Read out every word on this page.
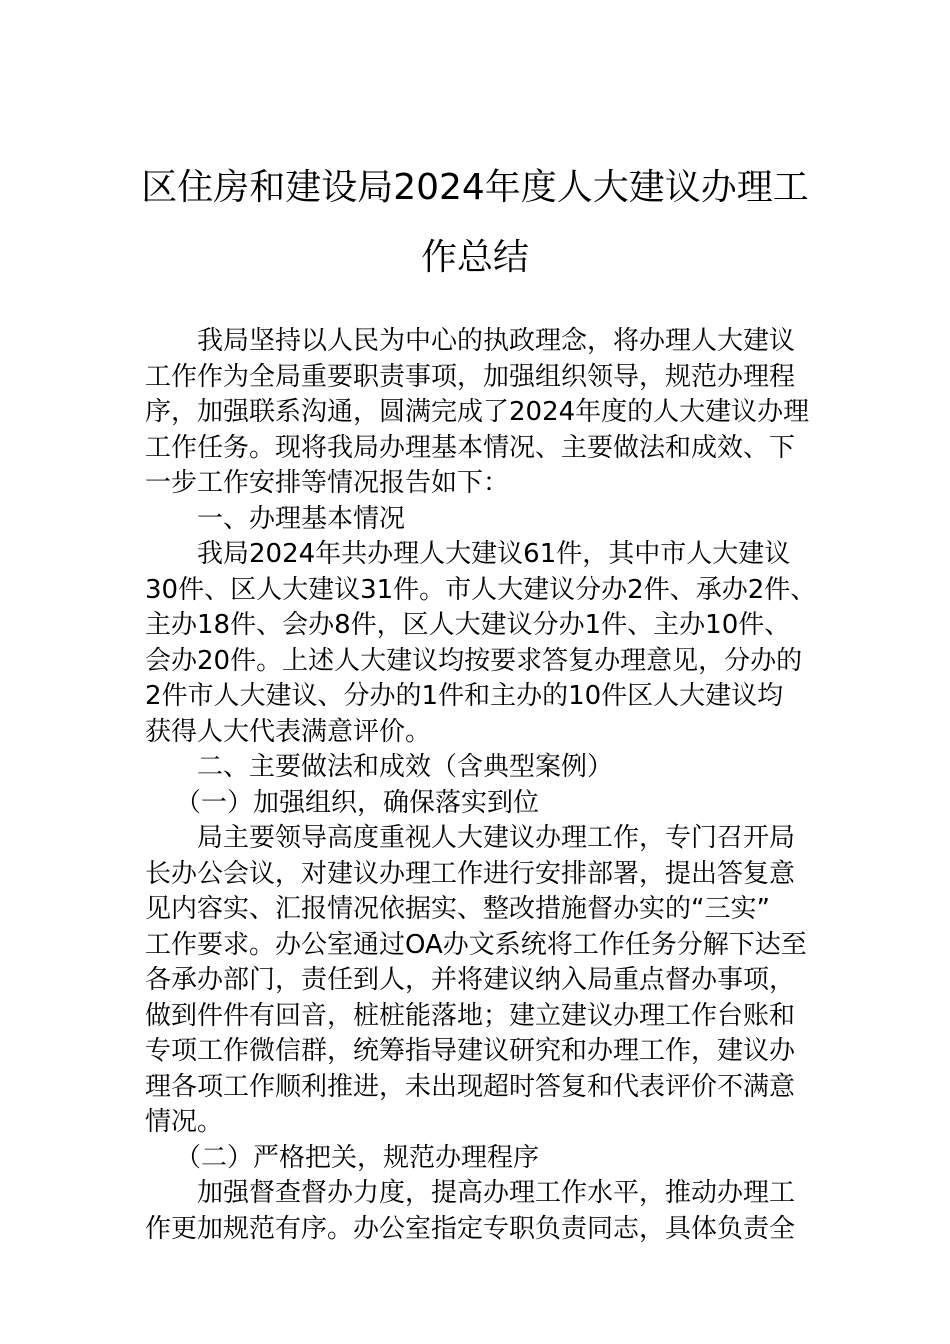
区住房和建设局2024年度人大建议办理工
作总结
我局坚持以人民为中心的执政理念，将办理人大建议
工作作为全局重要职责事项，加强组织领导，规范办理程
序，加强联系沟通，圆满完成了2024年度的人大建议办理
工作任务。现将我局办理基本情况、主要做法和成效、下
一步工作安排等情况报告如下：
一、办理基本情况
我局2024年共办理人大建议61件，其中市人大建议
30件、区人大建议31件。市人大建议分办2件、承办2件、
主办18件、会办8件，区人大建议分办1件、主办10件、
会办20件。上述人大建议均按要求答复办理意见，分办的
2件市人大建议、分办的1件和主办的10件区人大建议均
获得人大代表满意评价。
二、主要做法和成效（含典型案例）
（一）加强组织，确保落实到位
局主要领导高度重视人大建议办理工作，专门召开局
长办公会议，对建议办理工作进行安排部署，提出答复意
见内容实、汇报情况依据实、整改措施督办实的“三实”
工作要求。办公室通过OA办文系统将工作任务分解下达至
各承办部门，责任到人，并将建议纳入局重点督办事项，
做到件件有回音，桩桩能落地；建立建议办理工作台账和
专项工作微信群，统筹指导建议研究和办理工作，建议办
理各项工作顺利推进，未出现超时答复和代表评价不满意
情况。
（二）严格把关，规范办理程序
加强督查督办力度，提高办理工作水平，推动办理工
作更加规范有序。办公室指定专职负责同志，具体负责全
